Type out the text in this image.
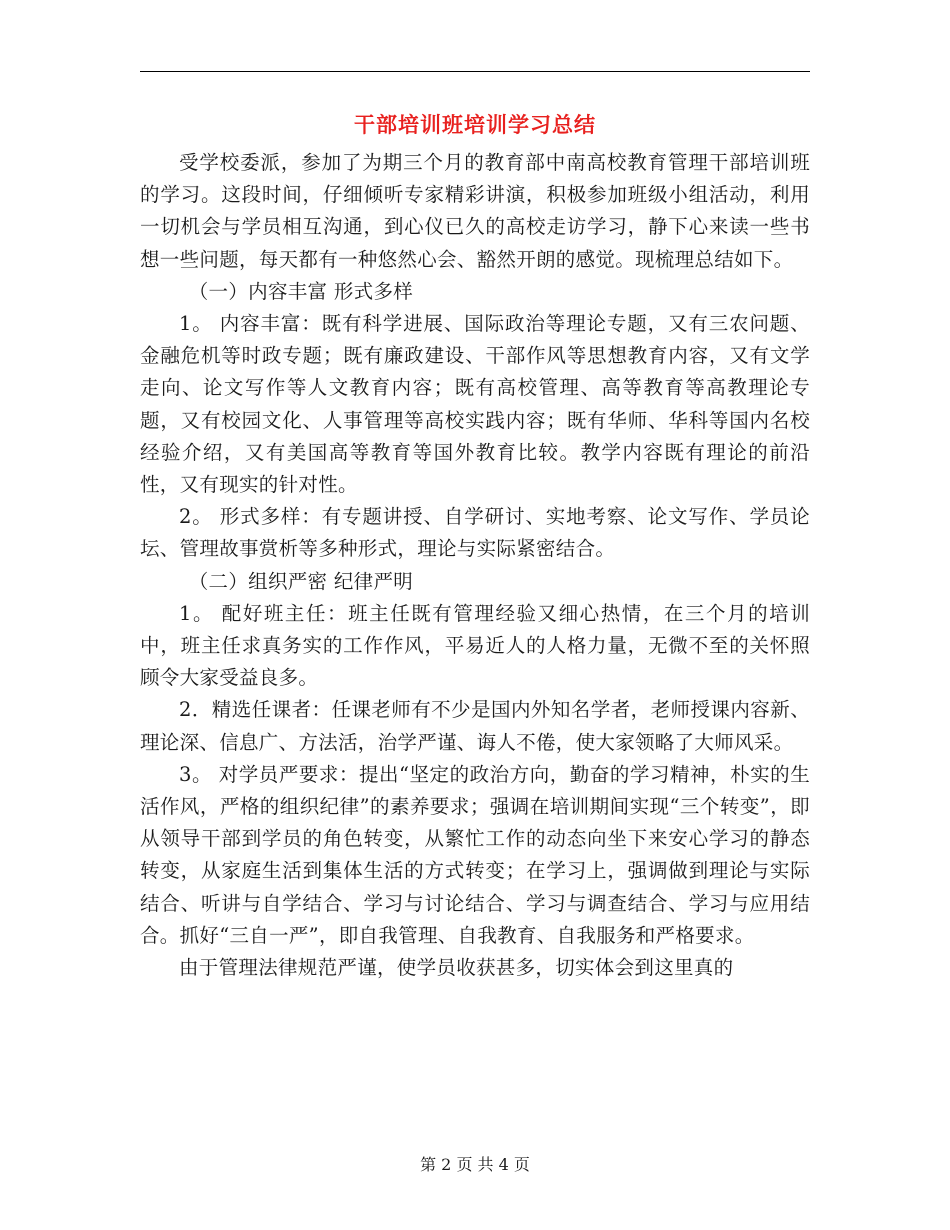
干部培训班培训学习总结

受学校委派，参加了为期三个月的教育部中南高校教育管理干部培训班的学习。这段时间，仔细倾听专家精彩讲演，积极参加班级小组活动，利用一切机会与学员相互沟通，到心仪已久的高校走访学习，静下心来读一些书想一些问题，每天都有一种悠然心会、豁然开朗的感觉。现梳理总结如下。

（一）内容丰富 形式多样

1。 内容丰富：既有科学进展、国际政治等理论专题，又有三农问题、金融危机等时政专题；既有廉政建设、干部作风等思想教育内容，又有文学走向、论文写作等人文教育内容；既有高校管理、高等教育等高教理论专题，又有校园文化、人事管理等高校实践内容；既有华师、华科等国内名校经验介绍，又有美国高等教育等国外教育比较。教学内容既有理论的前沿性，又有现实的针对性。

2。 形式多样：有专题讲授、自学研讨、实地考察、论文写作、学员论坛、管理故事赏析等多种形式，理论与实际紧密结合。

（二）组织严密 纪律严明

1。 配好班主任：班主任既有管理经验又细心热情，在三个月的培训中，班主任求真务实的工作作风，平易近人的人格力量，无微不至的关怀照顾令大家受益良多。

2．精选任课者：任课老师有不少是国内外知名学者，老师授课内容新、理论深、信息广、方法活，治学严谨、诲人不倦，使大家领略了大师风采。

3。 对学员严要求：提出“坚定的政治方向，勤奋的学习精神，朴实的生活作风，严格的组织纪律”的素养要求；强调在培训期间实现“三个转变”，即从领导干部到学员的角色转变，从繁忙工作的动态向坐下来安心学习的静态转变，从家庭生活到集体生活的方式转变；在学习上，强调做到理论与实际结合、听讲与自学结合、学习与讨论结合、学习与调查结合、学习与应用结合。抓好“三自一严”，即自我管理、自我教育、自我服务和严格要求。

由于管理法律规范严谨，使学员收获甚多，切实体会到这里真的

第 2 页 共 4 页
